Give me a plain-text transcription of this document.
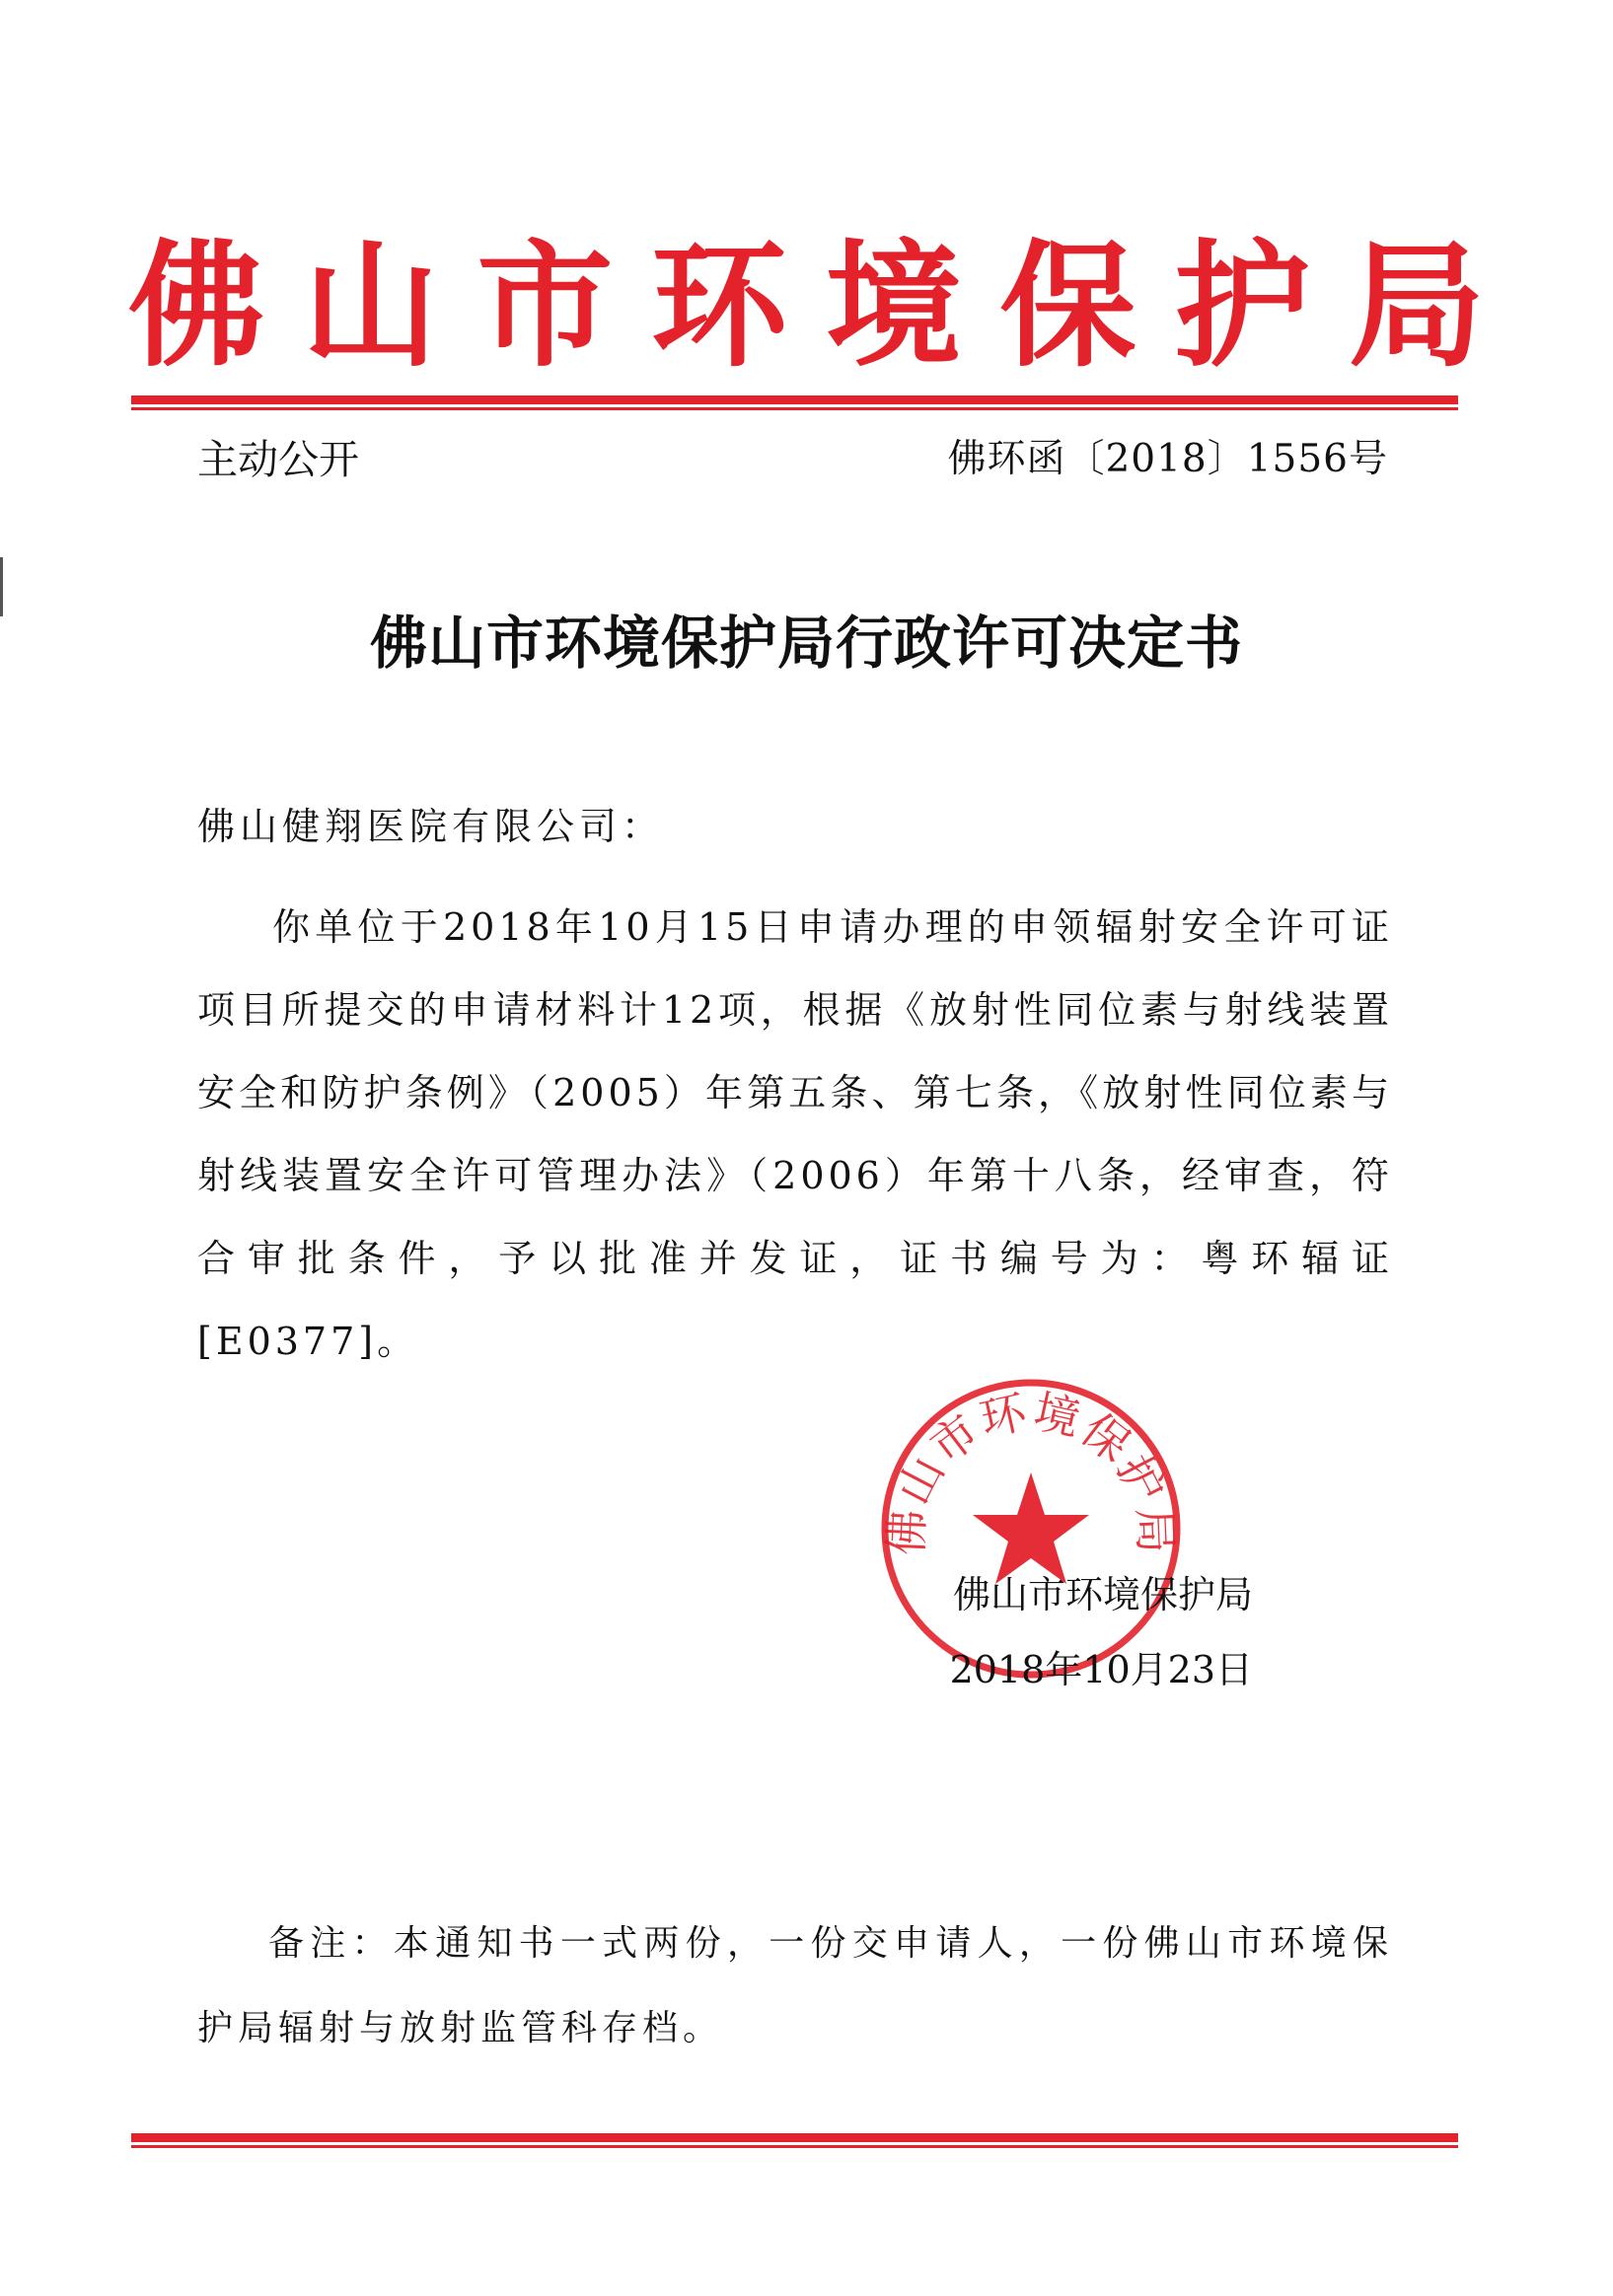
佛 山 市 环 境 保 护 局
主动公开	佛环函〔2018〕1556号
佛山市环境保护局行政许可决定书
佛山健翔医院有限公司：

你单位于2018年10月15日申请办理的申领辐射安全许可证项目所提交的申请材料计12项，根据《放射性同位素与射线装置安全和防护条例》（2005）年第五条、第七条，《放射性同位素与射线装置安全许可管理办法》（2006）年第十八条，经审查，符合审批条件，予以批准并发证，证书编号为：粤环辐证[E0377]。

佛山市环境保护局
佛山市环境保护局
2018年10月23日

备注：本通知书一式两份，一份交申请人，一份佛山市环境保护局辐射与放射监管科存档。
